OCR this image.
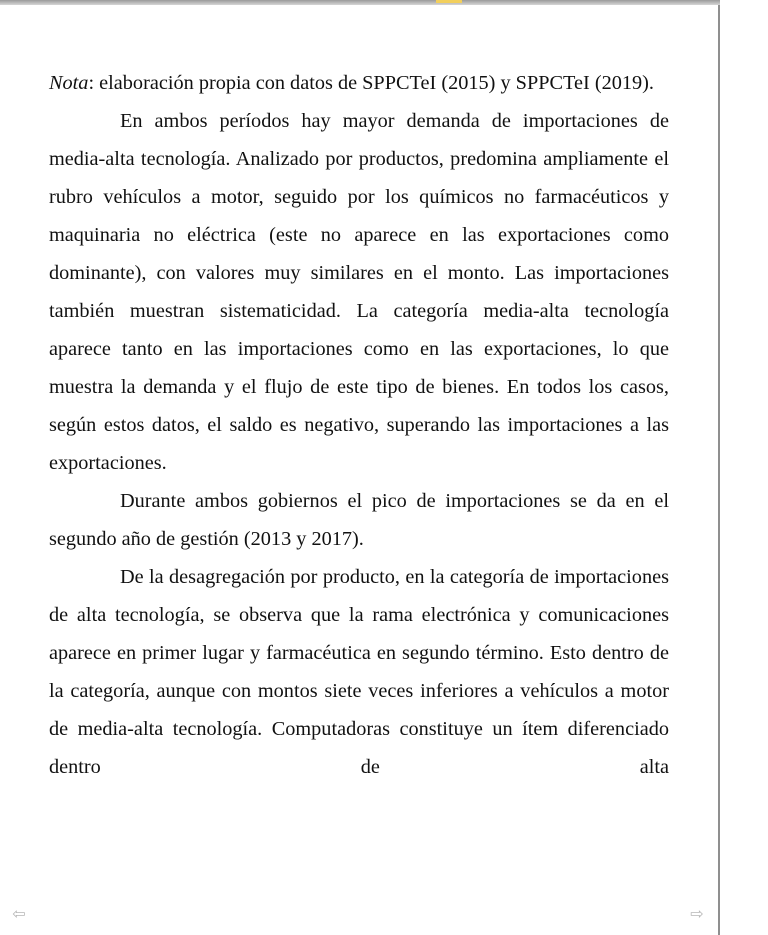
Nota: elaboración propia con datos de SPPCTeI (2015) y SPPCTeI (2019).

En ambos períodos hay mayor demanda de importaciones de media-alta tecnología. Analizado por productos, predomina ampliamente el rubro vehículos a motor, seguido por los químicos no farmacéuticos y maquinaria no eléctrica (este no aparece en las exportaciones como dominante), con valores muy similares en el monto. Las importaciones también muestran sistematicidad. La categoría media-alta tecnología aparece tanto en las importaciones como en las exportaciones, lo que muestra la demanda y el flujo de este tipo de bienes. En todos los casos, según estos datos, el saldo es negativo, superando las importaciones a las exportaciones.

Durante ambos gobiernos el pico de importaciones se da en el segundo año de gestión (2013 y 2017).

De la desagregación por producto, en la categoría de importaciones de alta tecnología, se observa que la rama electrónica y comunicaciones aparece en primer lugar y farmacéutica en segundo término. Esto dentro de la categoría, aunque con montos siete veces inferiores a vehículos a motor de media-alta tecnología. Computadoras constituye un ítem diferenciado dentro de alta

⇦	⇨
